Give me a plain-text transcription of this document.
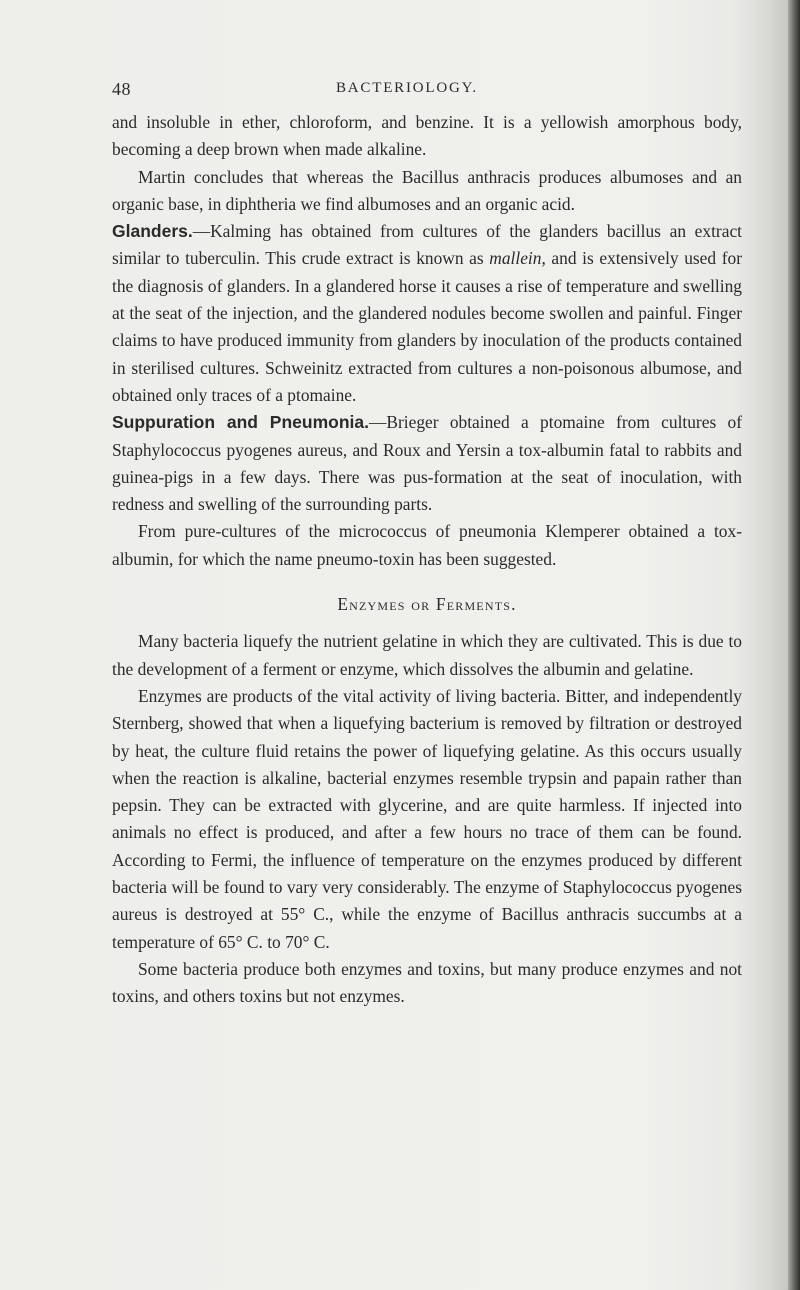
48	BACTERIOLOGY.

and insoluble in ether, chloroform, and benzine. It is a yellowish amorphous body, becoming a deep brown when made alkaline.

Martin concludes that whereas the Bacillus anthracis produces albumoses and an organic base, in diphtheria we find albumoses and an organic acid.

Glanders.—Kalming has obtained from cultures of the glanders bacillus an extract similar to tuberculin. This crude extract is known as mallein, and is extensively used for the diagnosis of glanders. In a glandered horse it causes a rise of temperature and swelling at the seat of the injection, and the glandered nodules become swollen and painful. Finger claims to have produced immunity from glanders by inoculation of the products contained in sterilised cultures. Schweinitz extracted from cultures a non-poisonous albumose, and obtained only traces of a ptomaine.

Suppuration and Pneumonia.—Brieger obtained a ptomaine from cultures of Staphylococcus pyogenes aureus, and Roux and Yersin a tox-albumin fatal to rabbits and guinea-pigs in a few days. There was pus-formation at the seat of inoculation, with redness and swelling of the surrounding parts.

From pure-cultures of the micrococcus of pneumonia Klemperer obtained a tox-albumin, for which the name pneumo-toxin has been suggested.

Enzymes or Ferments.

Many bacteria liquefy the nutrient gelatine in which they are cultivated. This is due to the development of a ferment or enzyme, which dissolves the albumin and gelatine.

Enzymes are products of the vital activity of living bacteria. Bitter, and independently Sternberg, showed that when a liquefying bacterium is removed by filtration or destroyed by heat, the culture fluid retains the power of liquefying gelatine. As this occurs usually when the reaction is alkaline, bacterial enzymes resemble trypsin and papain rather than pepsin. They can be extracted with glycerine, and are quite harmless. If injected into animals no effect is produced, and after a few hours no trace of them can be found. According to Fermi, the influence of temperature on the enzymes produced by different bacteria will be found to vary very considerably. The enzyme of Staphylococcus pyogenes aureus is destroyed at 55° C., while the enzyme of Bacillus anthracis succumbs at a temperature of 65° C. to 70° C.

Some bacteria produce both enzymes and toxins, but many produce enzymes and not toxins, and others toxins but not enzymes.
